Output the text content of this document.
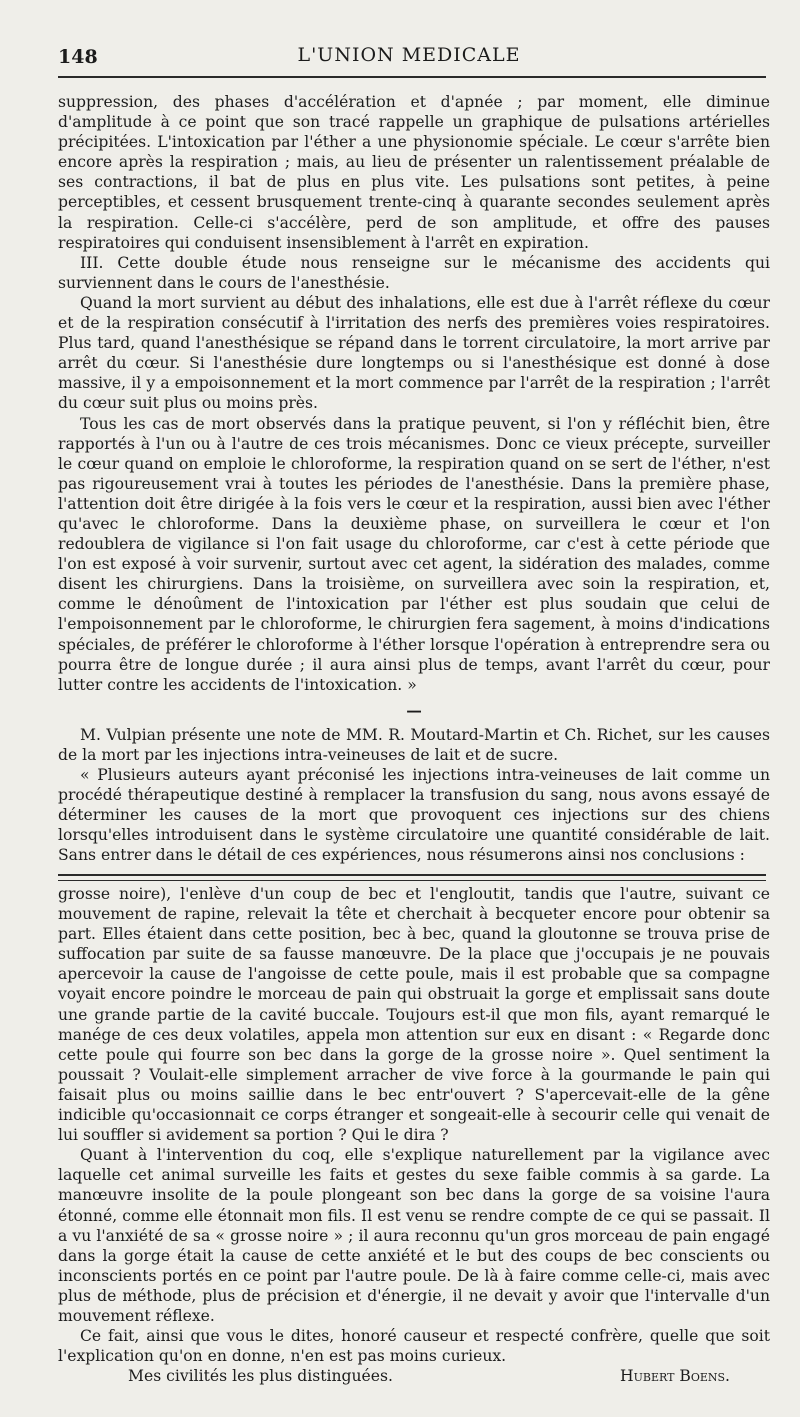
148	L'UNION MEDICALE

suppression, des phases d'accélération et d'apnée ; par moment, elle diminue d'amplitude à ce point que son tracé rappelle un graphique de pulsations artérielles précipitées. L'intoxication par l'éther a une physionomie spéciale. Le cœur s'arrête bien encore après la respiration ; mais, au lieu de présenter un ralentissement préalable de ses contractions, il bat de plus en plus vite. Les pulsations sont petites, à peine perceptibles, et cessent brusquement trente-cinq à quarante secondes seulement après la respiration. Celle-ci s'accélère, perd de son amplitude, et offre des pauses respiratoires qui conduisent insensiblement à l'arrêt en expiration.

III. Cette double étude nous renseigne sur le mécanisme des accidents qui surviennent dans le cours de l'anesthésie.

Quand la mort survient au début des inhalations, elle est due à l'arrêt réflexe du cœur et de la respiration consécutif à l'irritation des nerfs des premières voies respiratoires. Plus tard, quand l'anesthésique se répand dans le torrent circulatoire, la mort arrive par arrêt du cœur. Si l'anesthésie dure longtemps ou si l'anesthésique est donné à dose massive, il y a empoisonnement et la mort commence par l'arrêt de la respiration ; l'arrêt du cœur suit plus ou moins près.

Tous les cas de mort observés dans la pratique peuvent, si l'on y réfléchit bien, être rapportés à l'un ou à l'autre de ces trois mécanismes. Donc ce vieux précepte, surveiller le cœur quand on emploie le chloroforme, la respiration quand on se sert de l'éther, n'est pas rigoureusement vrai à toutes les périodes de l'anesthésie. Dans la première phase, l'attention doit être dirigée à la fois vers le cœur et la respiration, aussi bien avec l'éther qu'avec le chloroforme. Dans la deuxième phase, on surveillera le cœur et l'on redoublera de vigilance si l'on fait usage du chloroforme, car c'est à cette période que l'on est exposé à voir survenir, surtout avec cet agent, la sidération des malades, comme disent les chirurgiens. Dans la troisième, on surveillera avec soin la respiration, et, comme le dénoûment de l'intoxication par l'éther est plus soudain que celui de l'empoisonnement par le chloroforme, le chirurgien fera sagement, à moins d'indications spéciales, de préférer le chloroforme à l'éther lorsque l'opération à entreprendre sera ou pourra être de longue durée ; il aura ainsi plus de temps, avant l'arrêt du cœur, pour lutter contre les accidents de l'intoxication. »

—

M. Vulpian présente une note de MM. R. Moutard-Martin et Ch. Richet, sur les causes de la mort par les injections intra-veineuses de lait et de sucre.

« Plusieurs auteurs ayant préconisé les injections intra-veineuses de lait comme un procédé thérapeutique destiné à remplacer la transfusion du sang, nous avons essayé de déterminer les causes de la mort que provoquent ces injections sur des chiens lorsqu'elles introduisent dans le système circulatoire une quantité considérable de lait. Sans entrer dans le détail de ces expériences, nous résumerons ainsi nos conclusions :

grosse noire), l'enlève d'un coup de bec et l'engloutit, tandis que l'autre, suivant ce mouvement de rapine, relevait la tête et cherchait à becqueter encore pour obtenir sa part. Elles étaient dans cette position, bec à bec, quand la gloutonne se trouva prise de suffocation par suite de sa fausse manœuvre. De la place que j'occupais je ne pouvais apercevoir la cause de l'angoisse de cette poule, mais il est probable que sa compagne voyait encore poindre le morceau de pain qui obstruait la gorge et emplissait sans doute une grande partie de la cavité buccale. Toujours est-il que mon fils, ayant remarqué le manége de ces deux volatiles, appela mon attention sur eux en disant : « Regarde donc cette poule qui fourre son bec dans la gorge de la grosse noire ». Quel sentiment la poussait ? Voulait-elle simplement arracher de vive force à la gourmande le pain qui faisait plus ou moins saillie dans le bec entr'ouvert ? S'apercevait-elle de la gêne indicible qu'occasionnait ce corps étranger et songeait-elle à secourir celle qui venait de lui souffler si avidement sa portion ? Qui le dira ?

Quant à l'intervention du coq, elle s'explique naturellement par la vigilance avec laquelle cet animal surveille les faits et gestes du sexe faible commis à sa garde. La manœuvre insolite de la poule plongeant son bec dans la gorge de sa voisine l'aura étonné, comme elle étonnait mon fils. Il est venu se rendre compte de ce qui se passait. Il a vu l'anxiété de sa « grosse noire » ; il aura reconnu qu'un gros morceau de pain engagé dans la gorge était la cause de cette anxiété et le but des coups de bec conscients ou inconscients portés en ce point par l'autre poule. De là à faire comme celle-ci, mais avec plus de méthode, plus de précision et d'énergie, il ne devait y avoir que l'intervalle d'un mouvement réflexe.

Ce fait, ainsi que vous le dites, honoré causeur et respecté confrère, quelle que soit l'explication qu'on en donne, n'en est pas moins curieux.

Mes civilités les plus distinguées.	Hubert Boens.
